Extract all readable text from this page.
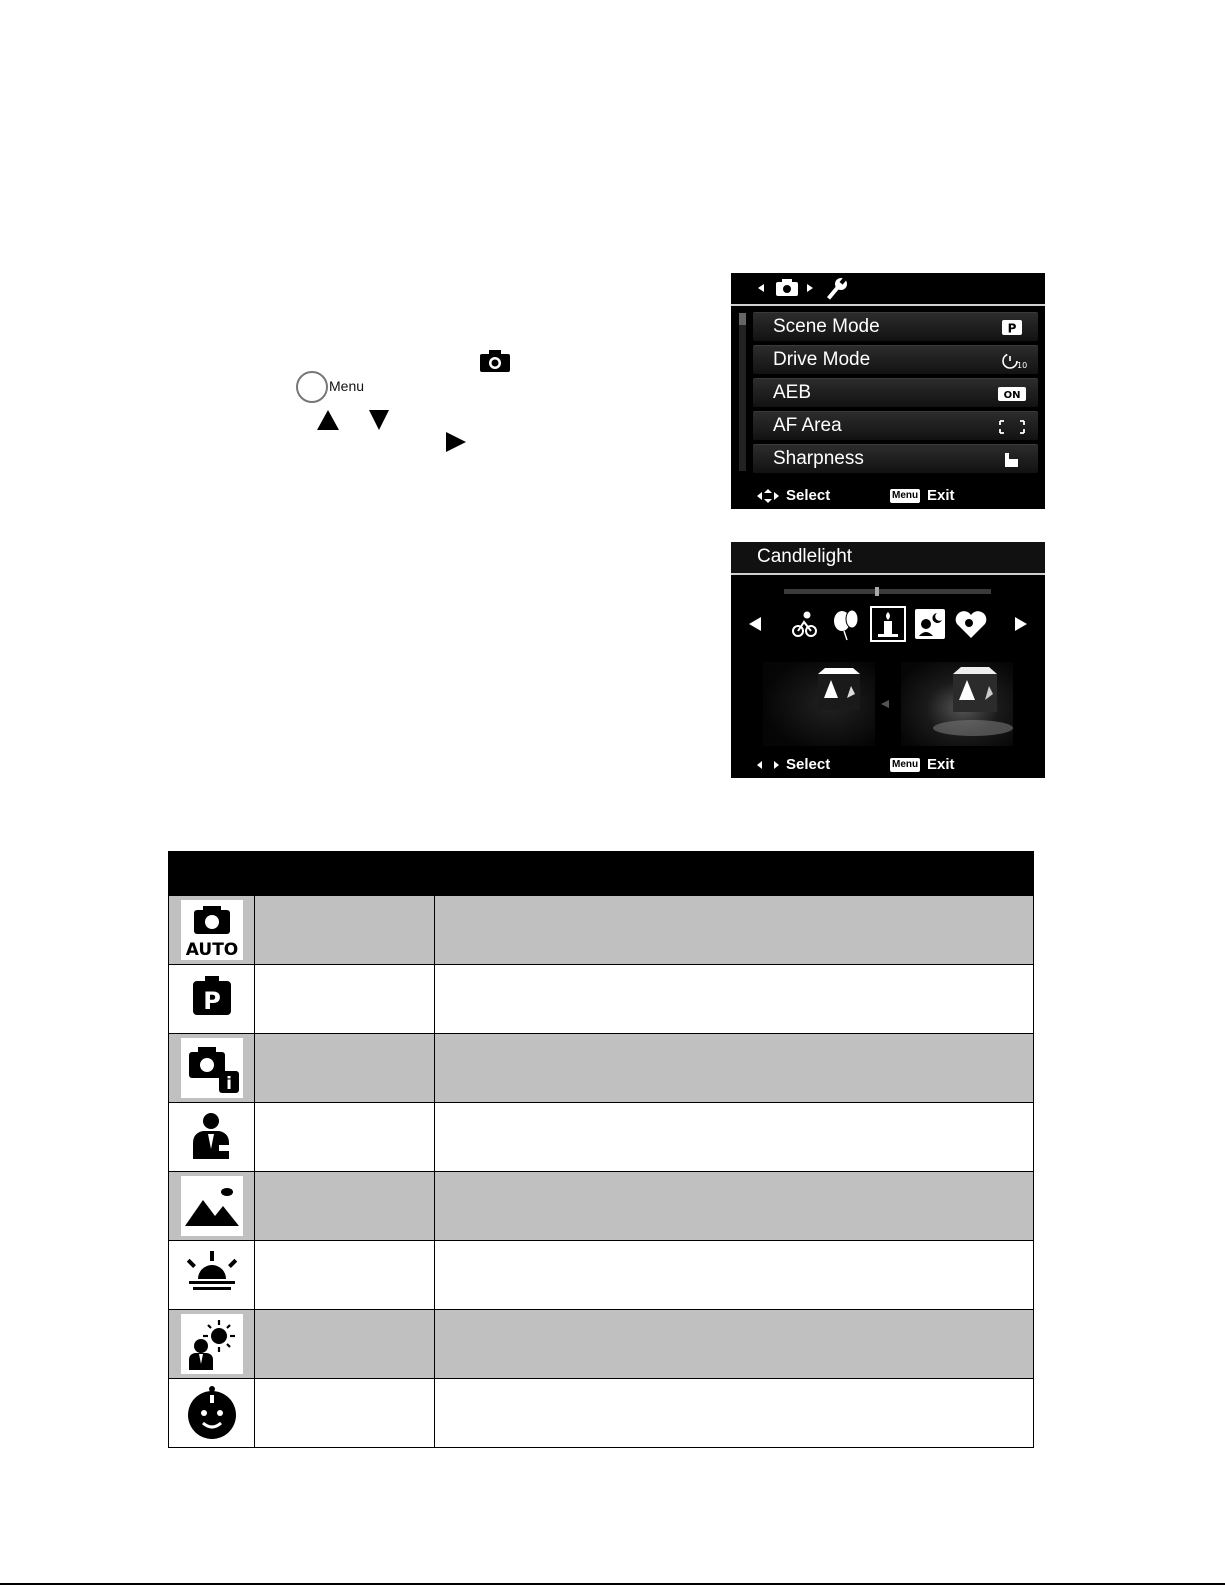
Menu
Scene Mode	P
Drive Mode	10
AEB	ON
AF Area
Sharpness
Select	Menu Exit
Candlelight
Select	Menu Exit
AUTO
P
i
